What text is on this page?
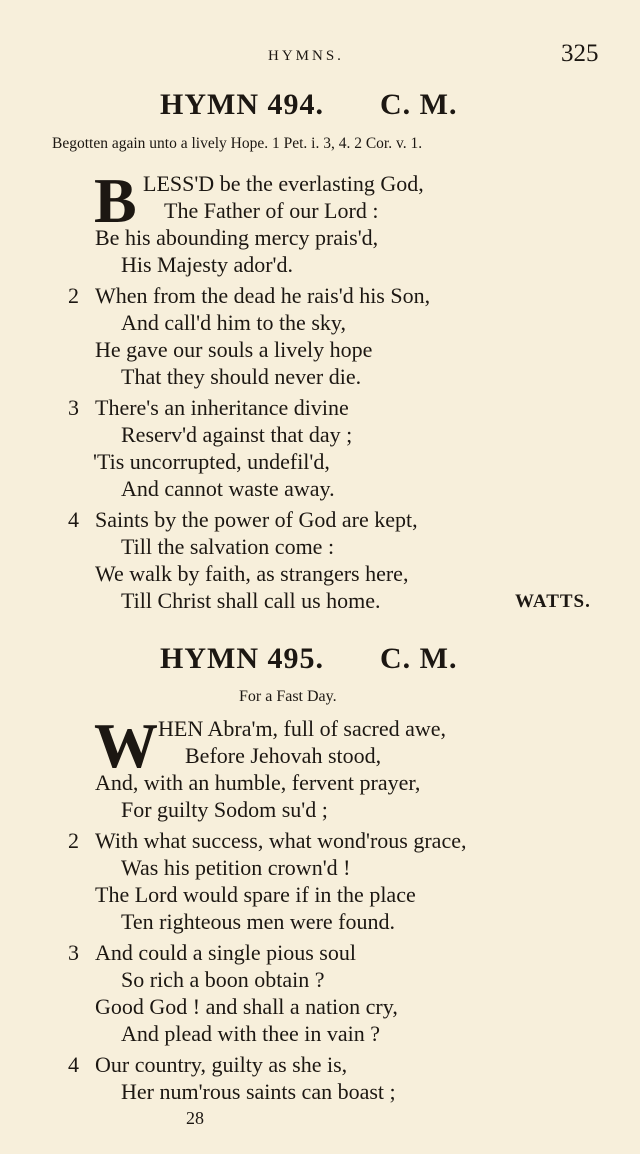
HYMNS.	325
HYMN 494. C. M.
Begotten again unto a lively Hope. 1 Pet. i. 3, 4. 2 Cor. v. 1.
B LESS'D be the everlasting God,
The Father of our Lord :
Be his abounding mercy prais'd,
His Majesty ador'd.
2 When from the dead he rais'd his Son,
And call'd him to the sky,
He gave our souls a lively hope
That they should never die.
3 There's an inheritance divine
Reserv'd against that day ;
'Tis uncorrupted, undefil'd,
And cannot waste away.
4 Saints by the power of God are kept,
Till the salvation come :
We walk by faith, as strangers here,
Till Christ shall call us home.	WATTS.
HYMN 495. C. M.
For a Fast Day.
W HEN Abra'm, full of sacred awe,
Before Jehovah stood,
And, with an humble, fervent prayer,
For guilty Sodom su'd ;
2 With what success, what wond'rous grace,
Was his petition crown'd !
The Lord would spare if in the place
Ten righteous men were found.
3 And could a single pious soul
So rich a boon obtain ?
Good God ! and shall a nation cry,
And plead with thee in vain ?
4 Our country, guilty as she is,
Her num'rous saints can boast ;
28
